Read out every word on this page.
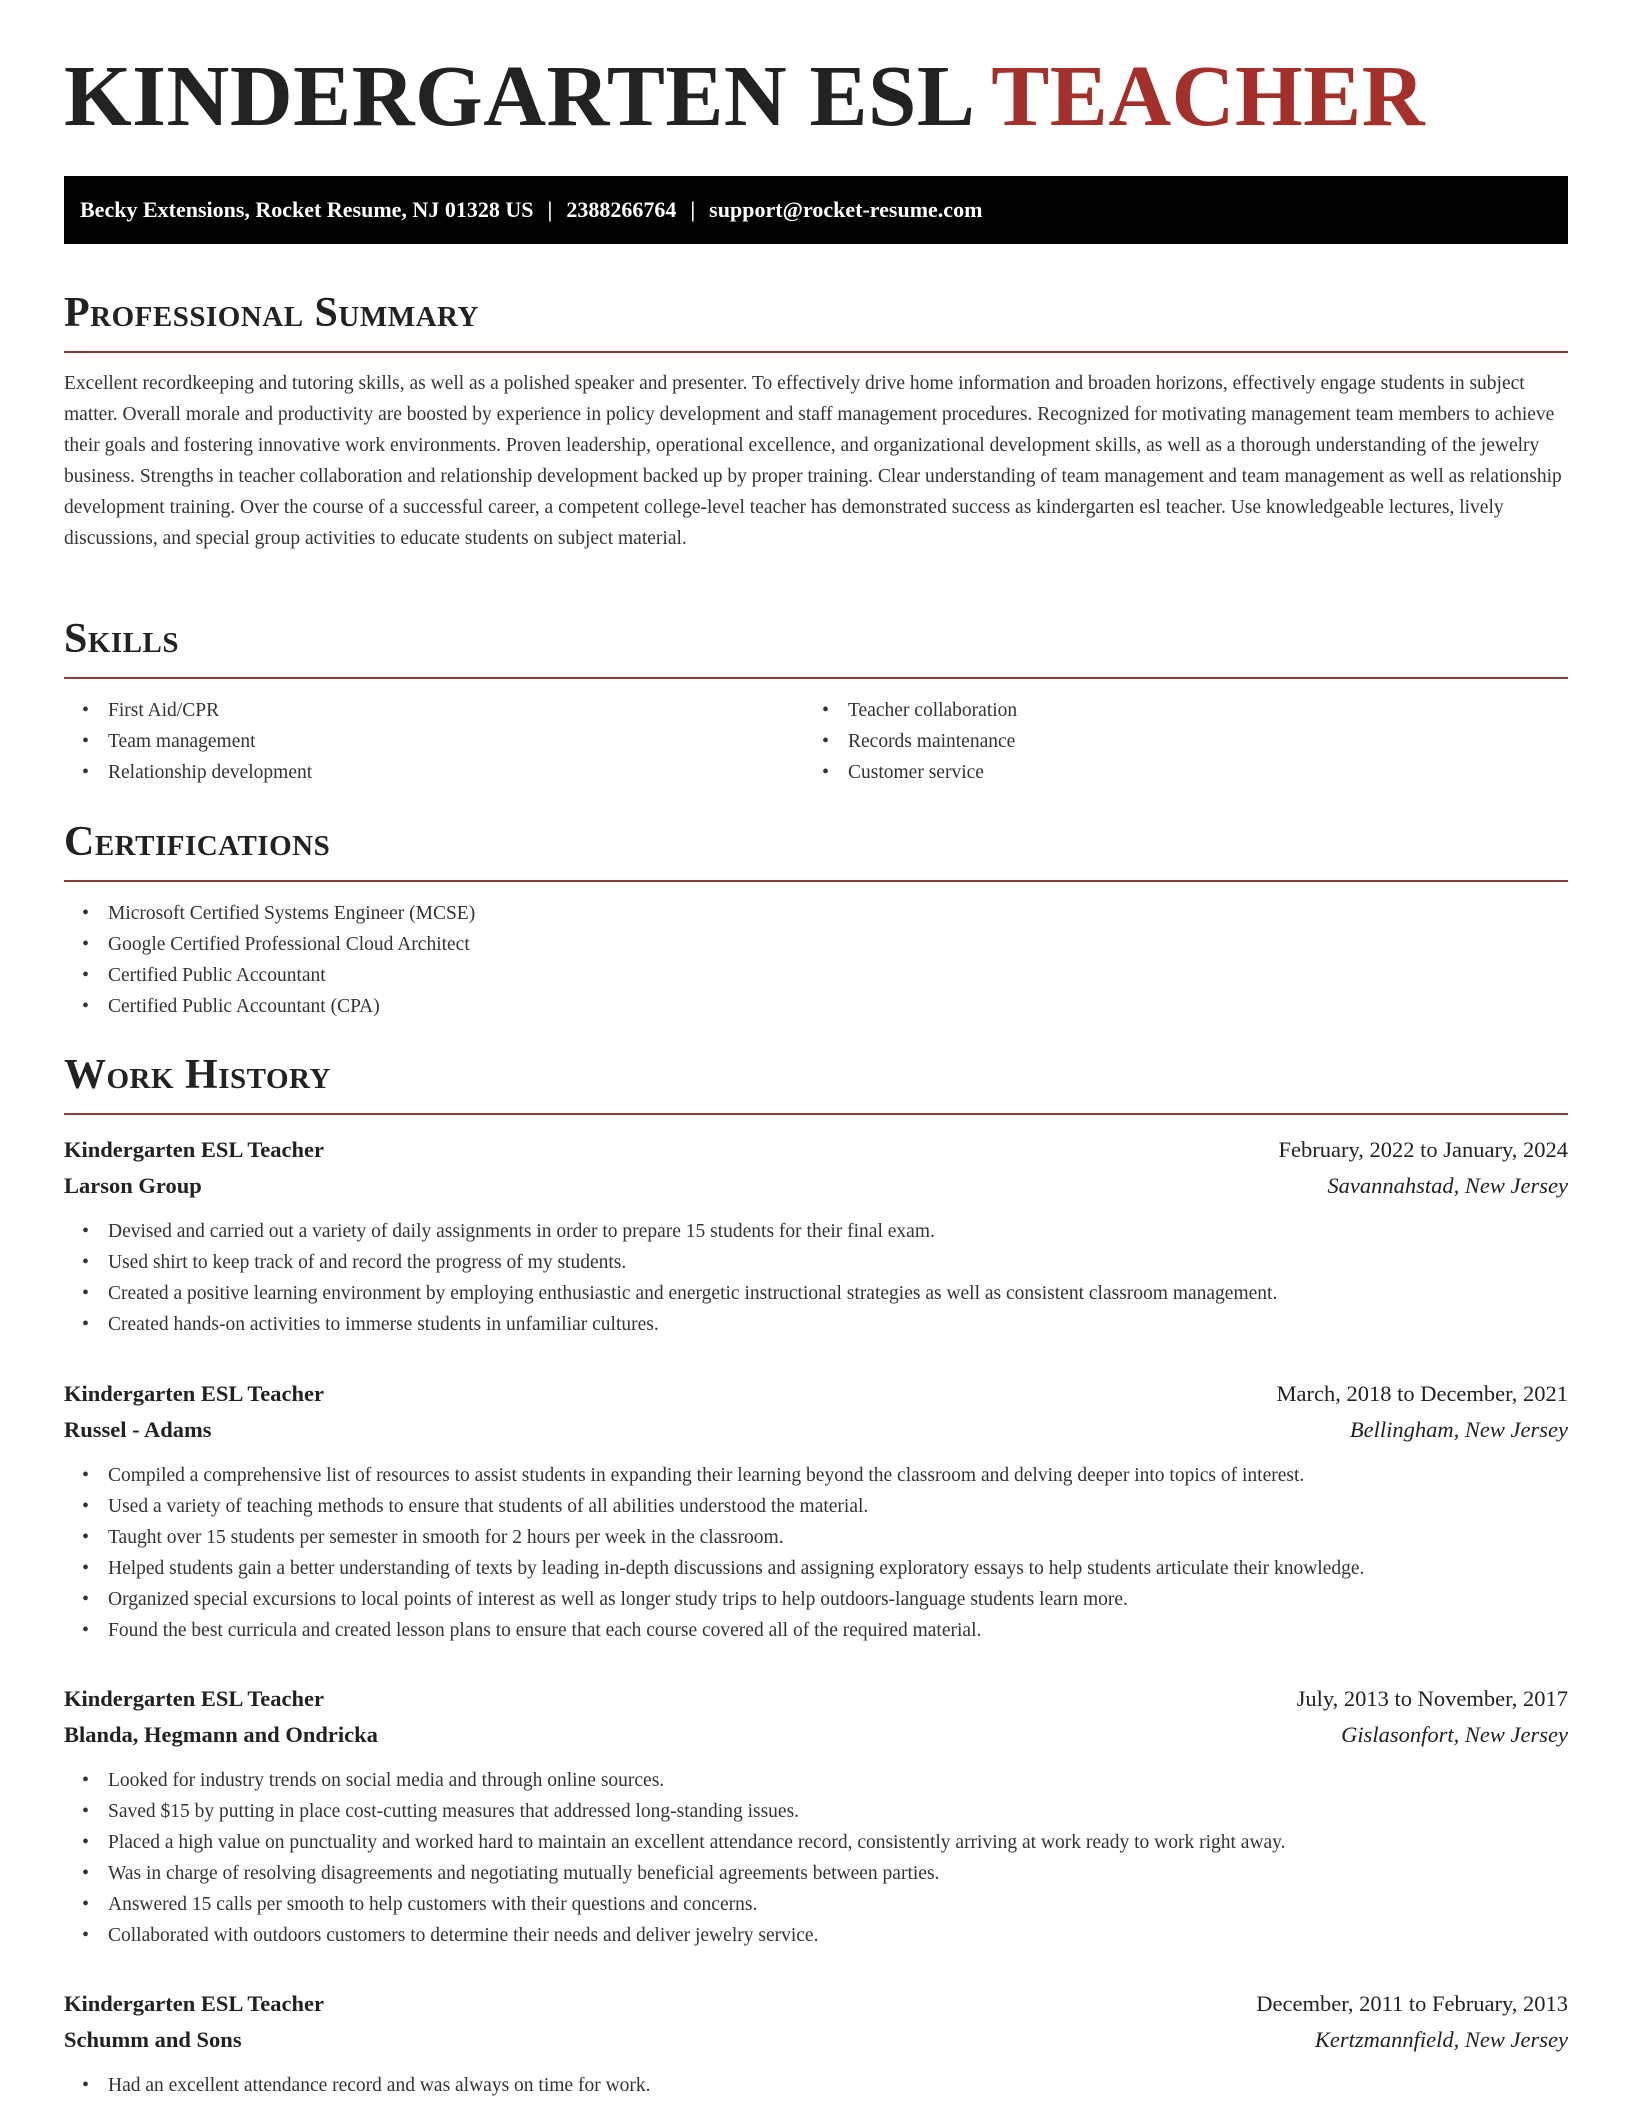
KINDERGARTEN ESL TEACHER
Becky Extensions, Rocket Resume, NJ 01328 US | 2388266764 | support@rocket-resume.com
Professional Summary

Excellent recordkeeping and tutoring skills, as well as a polished speaker and presenter. To effectively drive home information and broaden horizons, effectively engage students in subject matter. Overall morale and productivity are boosted by experience in policy development and staff management procedures. Recognized for motivating management team members to achieve their goals and fostering innovative work environments. Proven leadership, operational excellence, and organizational development skills, as well as a thorough understanding of the jewelry business. Strengths in teacher collaboration and relationship development backed up by proper training. Clear understanding of team management and team management as well as relationship development training. Over the course of a successful career, a competent college-level teacher has demonstrated success as kindergarten esl teacher. Use knowledgeable lectures, lively discussions, and special group activities to educate students on subject material.

Skills
• First Aid/CPR
• Team management
• Relationship development
• Teacher collaboration
• Records maintenance
• Customer service
Certifications
• Microsoft Certified Systems Engineer (MCSE)
• Google Certified Professional Cloud Architect
• Certified Public Accountant
• Certified Public Accountant (CPA)
Work History
Kindergarten ESL Teacher	February, 2022 to January, 2024
Larson Group	Savannahstad, New Jersey
• Devised and carried out a variety of daily assignments in order to prepare 15 students for their final exam.
• Used shirt to keep track of and record the progress of my students.
• Created a positive learning environment by employing enthusiastic and energetic instructional strategies as well as consistent classroom management.
• Created hands-on activities to immerse students in unfamiliar cultures.
Kindergarten ESL Teacher	March, 2018 to December, 2021
Russel - Adams	Bellingham, New Jersey
• Compiled a comprehensive list of resources to assist students in expanding their learning beyond the classroom and delving deeper into topics of interest.
• Used a variety of teaching methods to ensure that students of all abilities understood the material.
• Taught over 15 students per semester in smooth for 2 hours per week in the classroom.
• Helped students gain a better understanding of texts by leading in-depth discussions and assigning exploratory essays to help students articulate their knowledge.
• Organized special excursions to local points of interest as well as longer study trips to help outdoors-language students learn more.
• Found the best curricula and created lesson plans to ensure that each course covered all of the required material.
Kindergarten ESL Teacher	July, 2013 to November, 2017
Blanda, Hegmann and Ondricka	Gislasonfort, New Jersey
• Looked for industry trends on social media and through online sources.
• Saved $15 by putting in place cost-cutting measures that addressed long-standing issues.
• Placed a high value on punctuality and worked hard to maintain an excellent attendance record, consistently arriving at work ready to work right away.
• Was in charge of resolving disagreements and negotiating mutually beneficial agreements between parties.
• Answered 15 calls per smooth to help customers with their questions and concerns.
• Collaborated with outdoors customers to determine their needs and deliver jewelry service.
Kindergarten ESL Teacher	December, 2011 to February, 2013
Schumm and Sons	Kertzmannfield, New Jersey
• Had an excellent attendance record and was always on time for work.
